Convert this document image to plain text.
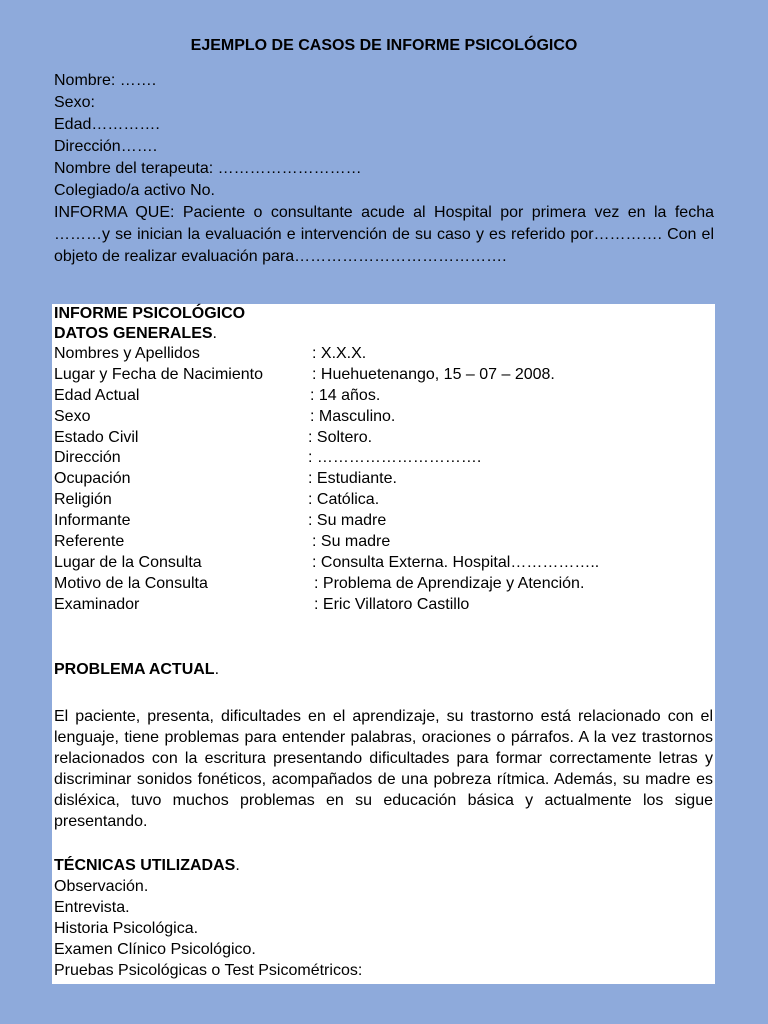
EJEMPLO DE CASOS DE INFORME PSICOLÓGICO
Nombre: …….
Sexo:
Edad………….
Dirección…….
Nombre del terapeuta: ………………………
Colegiado/a activo No.
INFORMA QUE: Paciente o consultante acude al Hospital por primera vez en la fecha ………y se inician la evaluación e intervención de su caso y es referido por…………. Con el objeto de realizar evaluación para………………………………….
INFORME PSICOLÓGICO
DATOS GENERALES.
Nombres y Apellidos	: X.X.X.
Lugar y Fecha de Nacimiento	: Huehuetenango, 15 – 07 – 2008.
Edad Actual	: 14 años.
Sexo	: Masculino.
Estado Civil	: Soltero.
Dirección	: ………………………….
Ocupación	: Estudiante.
Religión	: Católica.
Informante	: Su madre
Referente	: Su madre
Lugar de la Consulta	: Consulta Externa. Hospital……………..
Motivo de la Consulta	: Problema de Aprendizaje y Atención.
Examinador	: Eric Villatoro Castillo
PROBLEMA ACTUAL.
El paciente, presenta, dificultades en el aprendizaje, su trastorno está relacionado con el lenguaje, tiene problemas para entender palabras, oraciones o párrafos. A la vez trastornos relacionados con la escritura presentando dificultades para formar correctamente letras y discriminar sonidos fonéticos, acompañados de una pobreza rítmica. Además, su madre es disléxica, tuvo muchos problemas en su educación básica y actualmente los sigue presentando.
TÉCNICAS UTILIZADAS.
Observación.
Entrevista.
Historia Psicológica.
Examen Clínico Psicológico.
Pruebas Psicológicas o Test Psicométricos:
